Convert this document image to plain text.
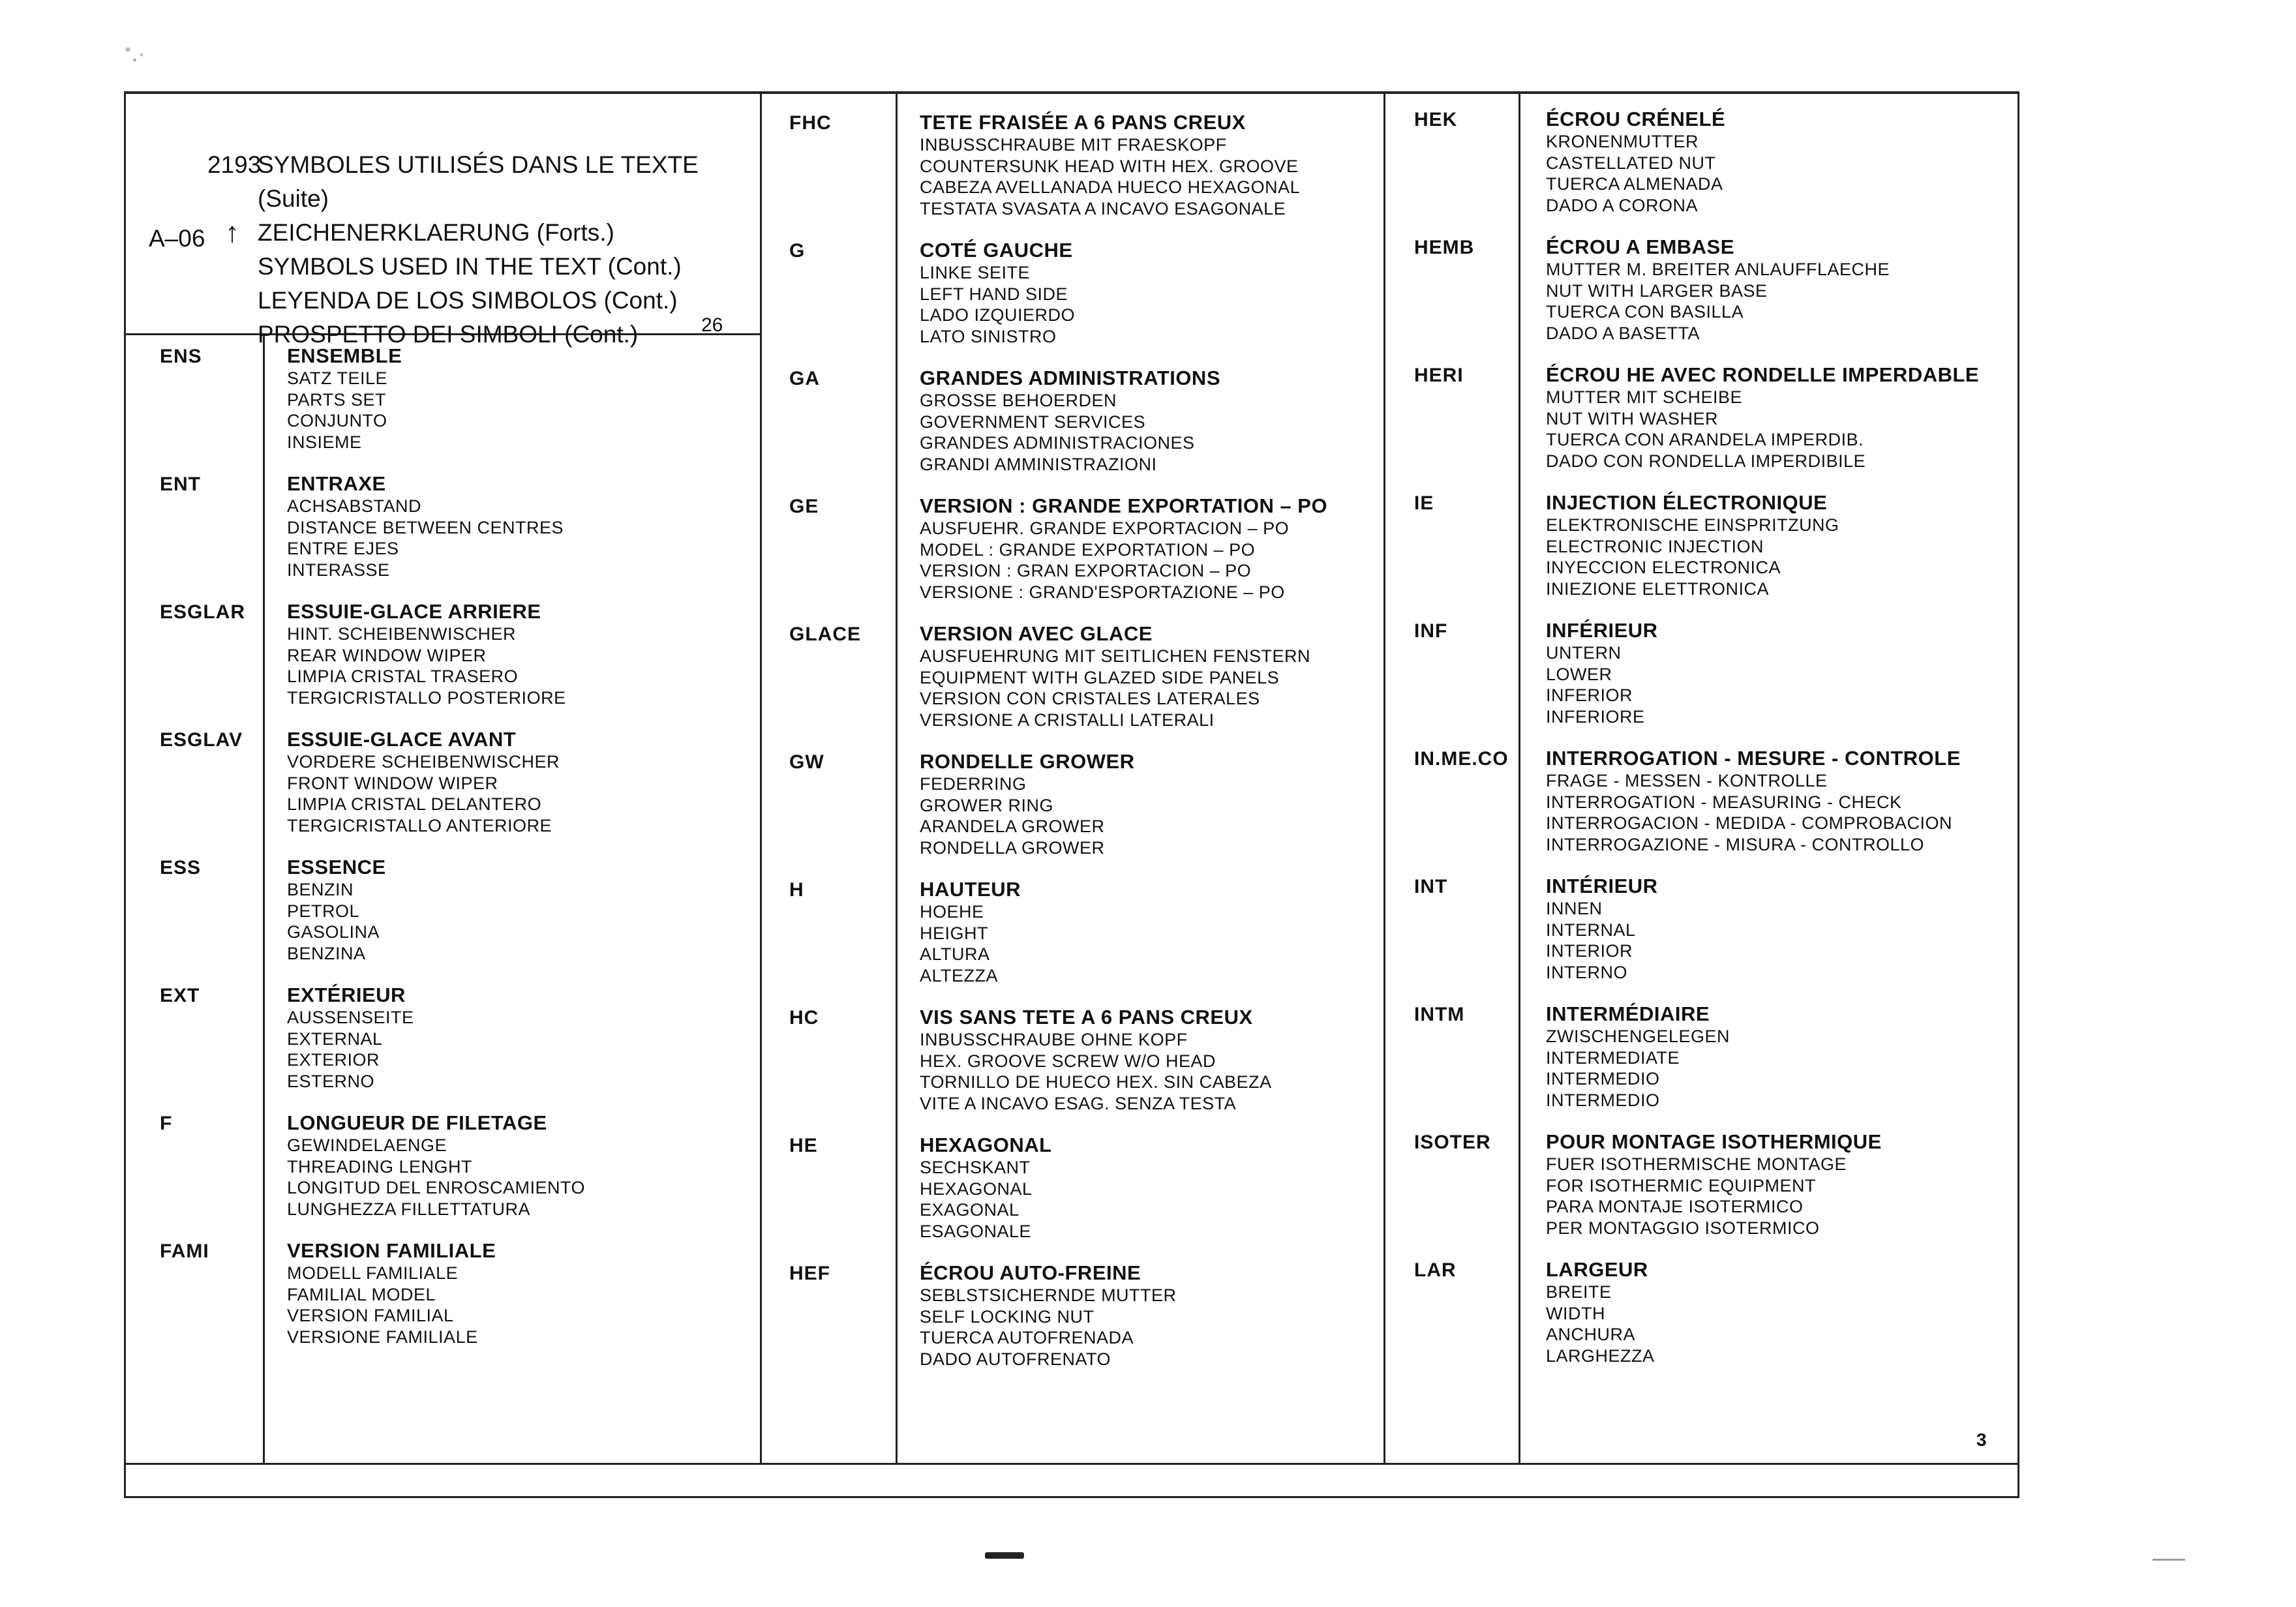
2193
A–06 ↑
SYMBOLES UTILISÉS DANS LE TEXTE (Suite)
ZEICHENERKLAERUNG (Forts.)
SYMBOLS USED IN THE TEXT (Cont.)
LEYENDA DE LOS SIMBOLOS (Cont.)
PROSPETTO DEI SIMBOLI (Cont.)	26
3
ENS	ENSEMBLE
SATZ TEILE
PARTS SET
CONJUNTO
INSIEME
ENT	ENTRAXE
ACHSABSTAND
DISTANCE BETWEEN CENTRES
ENTRE EJES
INTERASSE
ESGLAR ESSUIE-GLACE ARRIERE
HINT. SCHEIBENWISCHER
REAR WINDOW WIPER
LIMPIA CRISTAL TRASERO
TERGICRISTALLO POSTERIORE
ESGLAV ESSUIE-GLACE AVANT
VORDERE SCHEIBENWISCHER
FRONT WINDOW WIPER
LIMPIA CRISTAL DELANTERO
TERGICRISTALLO ANTERIORE
ESS	ESSENCE
BENZIN
PETROL
GASOLINA
BENZINA
EXT	EXTÉRIEUR
AUSSENSEITE
EXTERNAL
EXTERIOR
ESTERNO
F	LONGUEUR DE FILETAGE
GEWINDELAENGE
THREADING LENGHT
LONGITUD DEL ENROSCAMIENTO
LUNGHEZZA FILLETTATURA
FAMI	VERSION FAMILIALE
MODELL FAMILIALE
FAMILIAL MODEL
VERSION FAMILIAL
VERSIONE FAMILIALE
FHC	TETE FRAISÉE A 6 PANS CREUX
INBUSSCHRAUBE MIT FRAESKOPF
COUNTERSUNK HEAD WITH HEX. GROOVE
CABEZA AVELLANADA HUECO HEXAGONAL
TESTATA SVASATA A INCAVO ESAGONALE
G	COTÉ GAUCHE
LINKE SEITE
LEFT HAND SIDE
LADO IZQUIERDO
LATO SINISTRO
GA	GRANDES ADMINISTRATIONS
GROSSE BEHOERDEN
GOVERNMENT SERVICES
GRANDES ADMINISTRACIONES
GRANDI AMMINISTRAZIONI
GE	VERSION : GRANDE EXPORTATION – PO
AUSFUEHR. GRANDE EXPORTACION – PO
MODEL : GRANDE EXPORTATION – PO
VERSION : GRAN EXPORTACION – PO
VERSIONE : GRAND'ESPORTAZIONE – PO
GLACE	VERSION AVEC GLACE
AUSFUEHRUNG MIT SEITLICHEN FENSTERN
EQUIPMENT WITH GLAZED SIDE PANELS
VERSION CON CRISTALES LATERALES
VERSIONE A CRISTALLI LATERALI
GW	RONDELLE GROWER
FEDERRING
GROWER RING
ARANDELA GROWER
RONDELLA GROWER
H	HAUTEUR
HOEHE
HEIGHT
ALTURA
ALTEZZA
HC	VIS SANS TETE A 6 PANS CREUX
INBUSSCHRAUBE OHNE KOPF
HEX. GROOVE SCREW W/O HEAD
TORNILLO DE HUECO HEX. SIN CABEZA
VITE A INCAVO ESAG. SENZA TESTA
HE	HEXAGONAL
SECHSKANT
HEXAGONAL
EXAGONAL
ESAGONALE
HEF	ÉCROU AUTO-FREINE
SEBLSTSICHERNDE MUTTER
SELF LOCKING NUT
TUERCA AUTOFRENADA
DADO AUTOFRENATO
HEK	ÉCROU CRÉNELÉ
KRONENMUTTER
CASTELLATED NUT
TUERCA ALMENADA
DADO A CORONA
HEMB	ÉCROU A EMBASE
MUTTER M. BREITER ANLAUFFLAECHE
NUT WITH LARGER BASE
TUERCA CON BASILLA
DADO A BASETTA
HERI	ÉCROU HE AVEC RONDELLE IMPERDABLE
MUTTER MIT SCHEIBE
NUT WITH WASHER
TUERCA CON ARANDELA IMPERDIB.
DADO CON RONDELLA IMPERDIBILE
IE	INJECTION ÉLECTRONIQUE
ELEKTRONISCHE EINSPRITZUNG
ELECTRONIC INJECTION
INYECCION ELECTRONICA
INIEZIONE ELETTRONICA
INF	INFÉRIEUR
UNTERN
LOWER
INFERIOR
INFERIORE
IN.ME.CO INTERROGATION - MESURE - CONTROLE
FRAGE - MESSEN - KONTROLLE
INTERROGATION - MEASURING - CHECK
INTERROGACION - MEDIDA - COMPROBACION
INTERROGAZIONE - MISURA - CONTROLLO
INT	INTÉRIEUR
INNEN
INTERNAL
INTERIOR
INTERNO
INTM	INTERMÉDIAIRE
ZWISCHENGELEGEN
INTERMEDIATE
INTERMEDIO
INTERMEDIO
ISOTER	POUR MONTAGE ISOTHERMIQUE
FUER ISOTHERMISCHE MONTAGE
FOR ISOTHERMIC EQUIPMENT
PARA MONTAJE ISOTERMICO
PER MONTAGGIO ISOTERMICO
LAR	LARGEUR
BREITE
WIDTH
ANCHURA
LARGHEZZA
